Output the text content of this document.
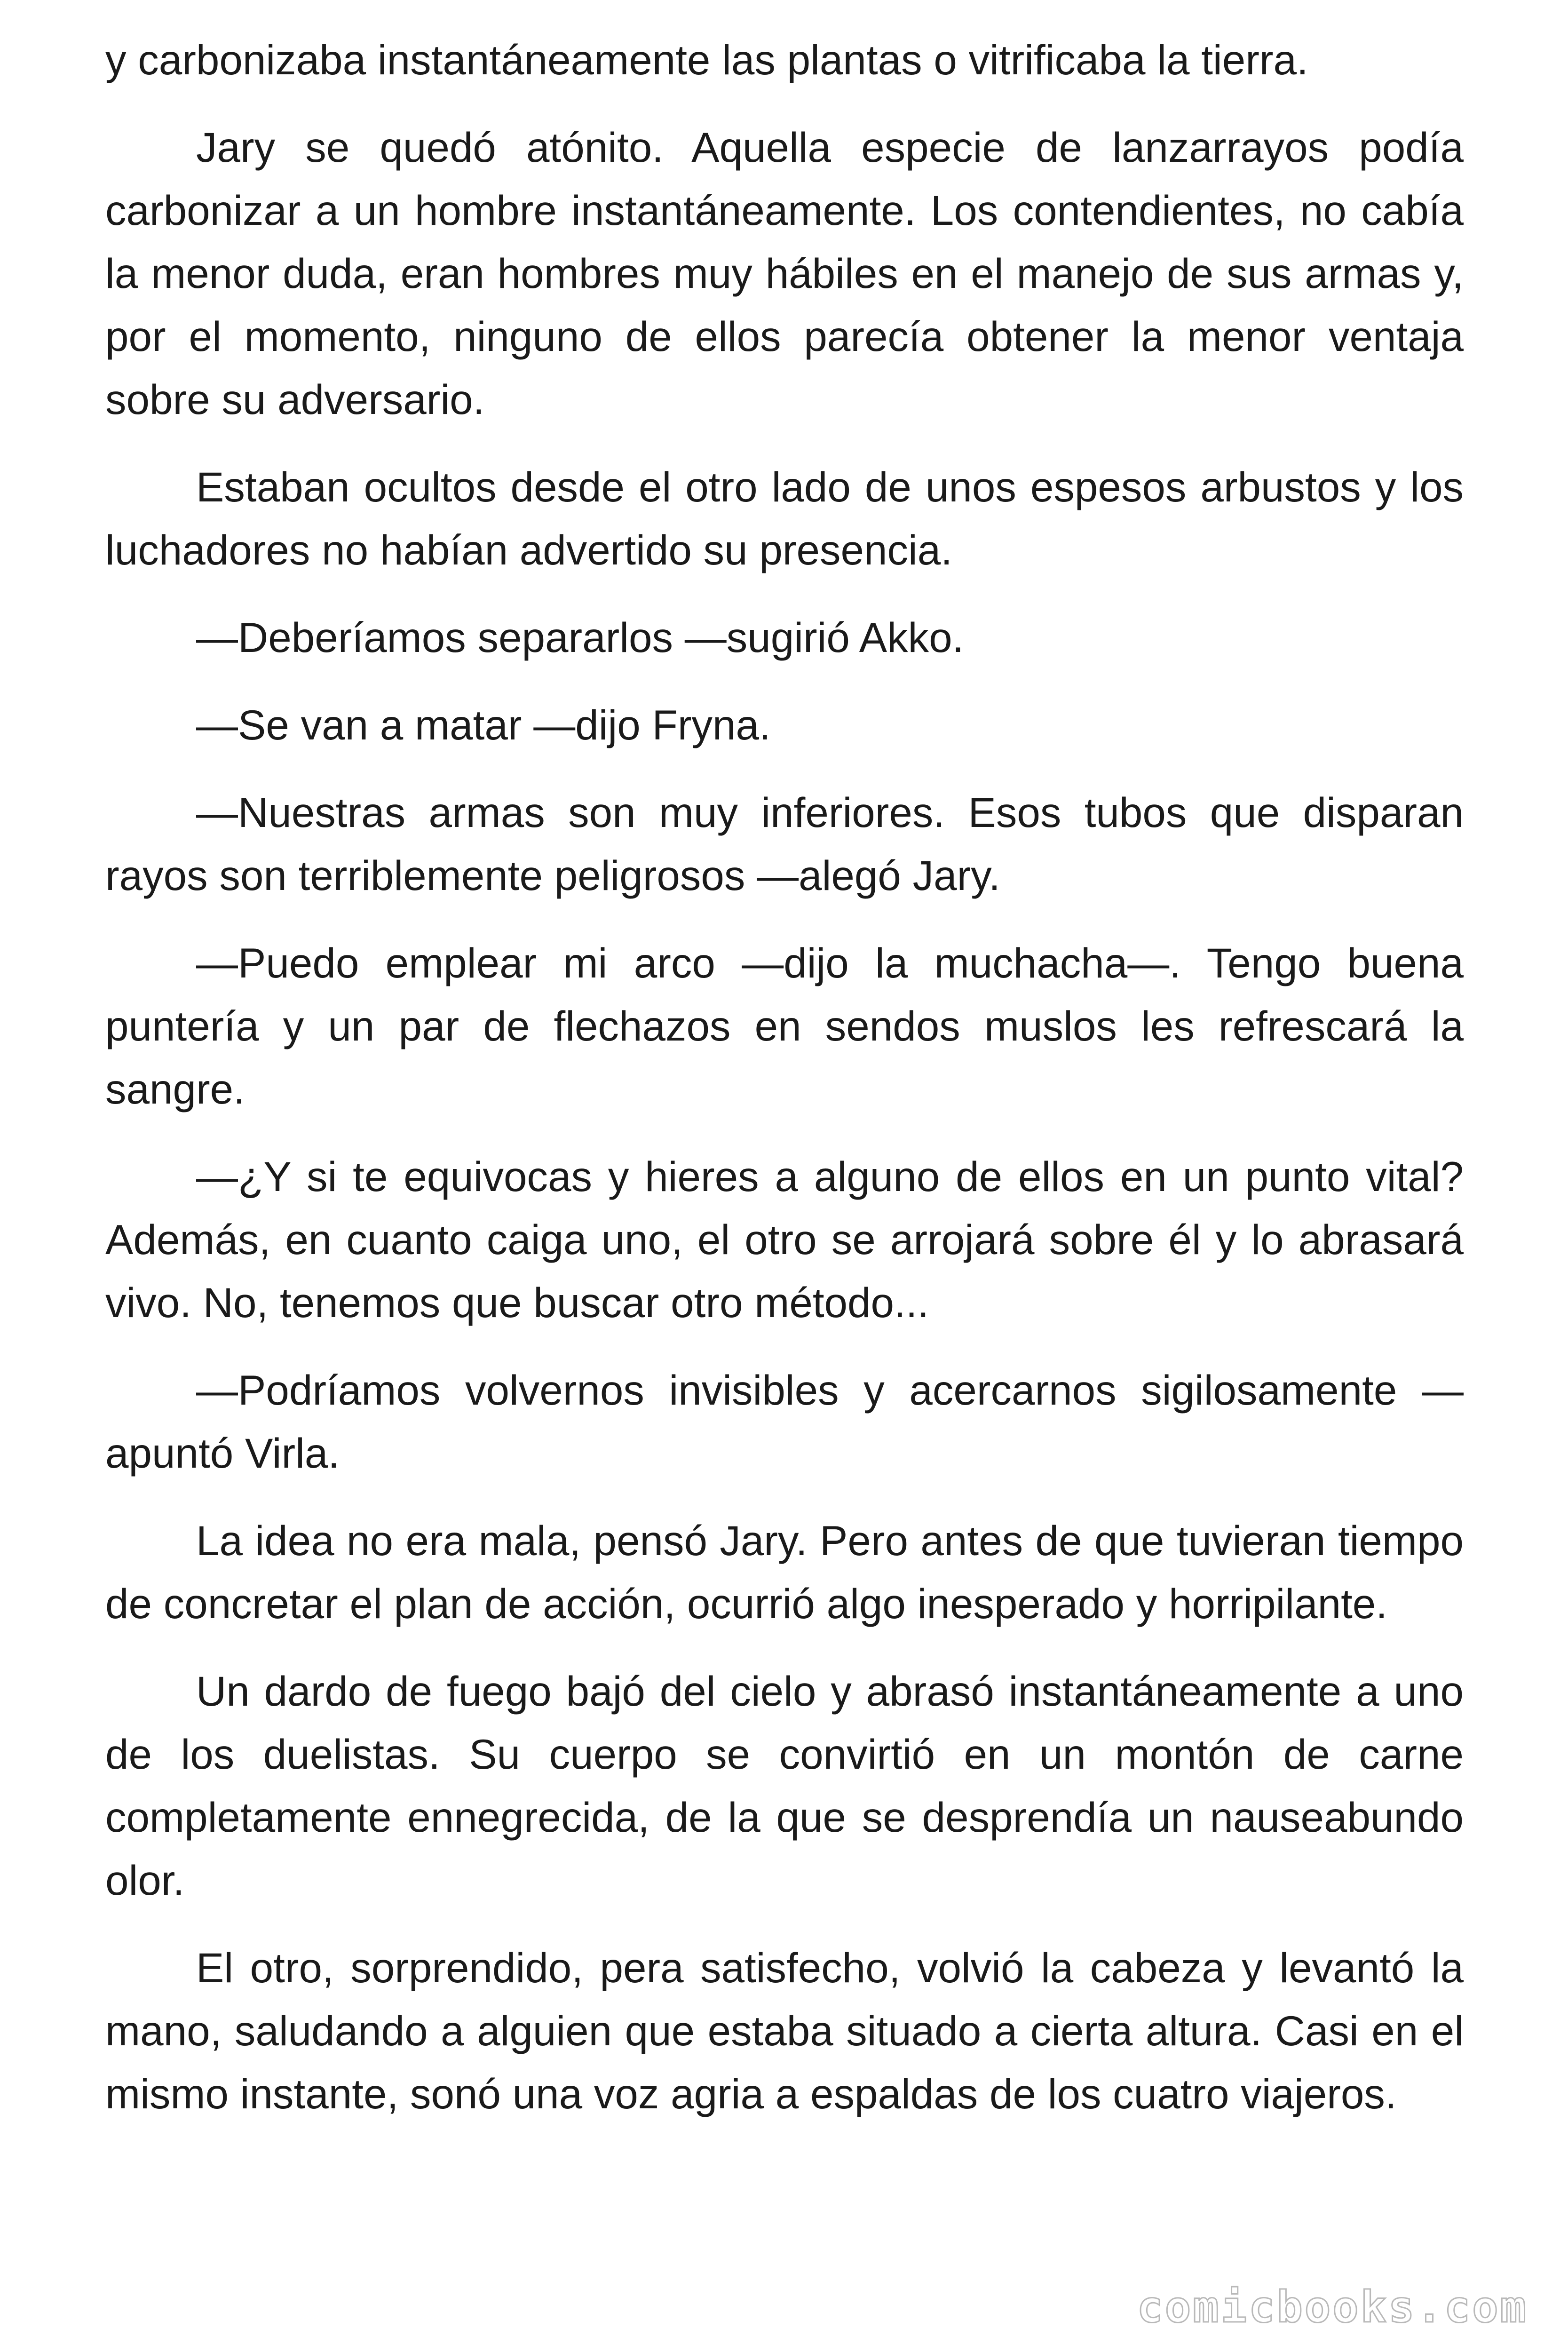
y carbonizaba instantáneamente las plantas o vitrificaba la tierra.

Jary se quedó atónito. Aquella especie de lanzarrayos podía carbonizar a un hombre instantáneamente. Los contendientes, no cabía la menor duda, eran hombres muy hábiles en el manejo de sus armas y, por el momento, ninguno de ellos parecía obtener la menor ventaja sobre su adversario.

Estaban ocultos desde el otro lado de unos espesos arbustos y los luchadores no habían advertido su presencia.

—Deberíamos separarlos —sugirió Akko.

—Se van a matar —dijo Fryna.

—Nuestras armas son muy inferiores. Esos tubos que disparan rayos son terriblemente peligrosos —alegó Jary.

—Puedo emplear mi arco —dijo la muchacha—. Tengo buena puntería y un par de flechazos en sendos muslos les refrescará la sangre.

—¿Y si te equivocas y hieres a alguno de ellos en un punto vital? Además, en cuanto caiga uno, el otro se arrojará sobre él y lo abrasará vivo. No, tenemos que buscar otro método...

—Podríamos volvernos invisibles y acercarnos sigilosamente —apuntó Virla.

La idea no era mala, pensó Jary. Pero antes de que tuvieran tiempo de concretar el plan de acción, ocurrió algo inesperado y horripilante.

Un dardo de fuego bajó del cielo y abrasó instantáneamente a uno de los duelistas. Su cuerpo se convirtió en un montón de carne completamente ennegrecida, de la que se desprendía un nauseabundo olor.

El otro, sorprendido, pera satisfecho, volvió la cabeza y levantó la mano, saludando a alguien que estaba situado a cierta altura. Casi en el mismo instante, sonó una voz agria a espaldas de los cuatro viajeros.

comicbooks.com
